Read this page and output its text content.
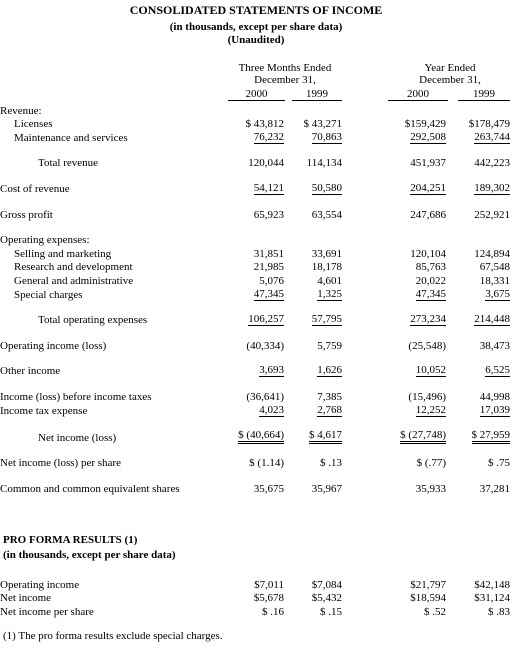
CONSOLIDATED STATEMENTS OF INCOME
(in thousands, except per share data)
(Unaudited)
Three Months Ended
December 31,
Year Ended
December 31,
2000	1999	2000	1999
Revenue:				
Licenses	$ 43,812	$ 43,271	$159,429	$178,479
Maintenance and services	76,232	70,863	292,508	263,744

Total revenue	120,044	114,134	451,937	442,223

Cost of revenue	54,121	50,580	204,251	189,302

Gross profit	65,923	63,554	247,686	252,921

Operating expenses:				
Selling and marketing	31,851	33,691	120,104	124,894
Research and development	21,985	18,178	85,763	67,548
General and administrative	5,076	4,601	20,022	18,331
Special charges	47,345	1,325	47,345	3,675

Total operating expenses	106,257	57,795	273,234	214,448

Operating income (loss)	(40,334)	5,759	(25,548)	38,473

Other income	3,693	1,626	10,052	6,525

Income (loss) before income taxes	(36,641)	7,385	(15,496)	44,998
Income tax expense	4,023	2,768	12,252	17,039

Net income (loss)	$ (40,664)	$ 4,617	$ (27,748)	$ 27,959

Net income (loss) per share	$ (1.14)	$ .13	$ (.77)	$ .75

Common and common equivalent shares	35,675	35,967	35,933	37,281
PRO FORMA RESULTS (1)
(in thousands, except per share data)
Operating income	$7,011	$7,084	$21,797	$42,148
Net income	$5,678	$5,432	$18,594	$31,124
Net income per share	$ .16	$ .15	$ .52	$ .83
(1) The pro forma results exclude special charges.
